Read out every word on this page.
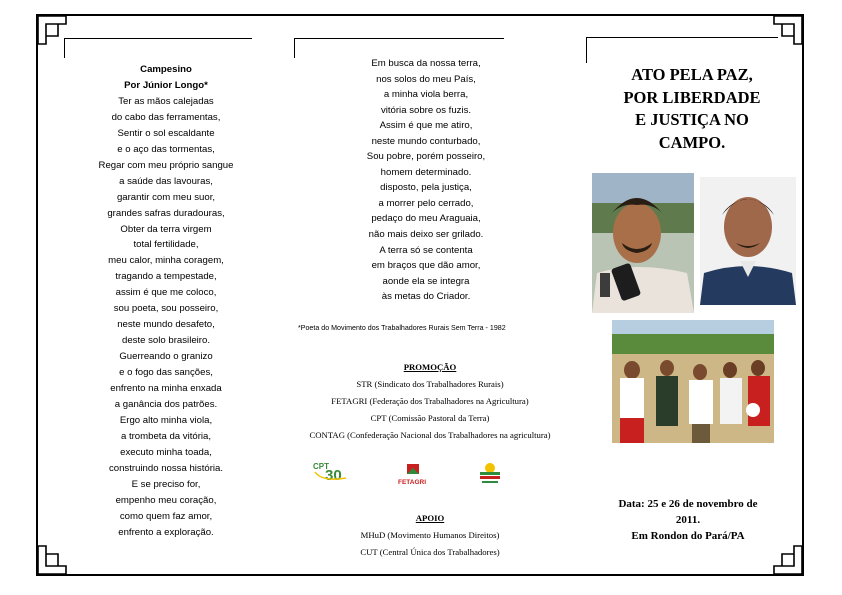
Campesino
Por Júnior Longo*
Ter as mãos calejadas
do cabo das ferramentas,
Sentir o sol escaldante
e o aço das tormentas,
Regar com meu próprio sangue
a saúde das lavouras,
garantir com meu suor,
grandes safras duradouras,
Obter da terra virgem
total fertilidade,
meu calor, minha coragem,
tragando a tempestade,
assim é que me coloco,
sou poeta, sou posseiro,
neste mundo desafeto,
deste solo brasileiro.
Guerreando o granizo
e o fogo das sanções,
enfrento na minha enxada
a ganância dos patrões.
Ergo alto minha viola,
a trombeta da vitória,
executo minha toada,
construindo nossa história.
E se preciso for,
empenho meu coração,
como quem faz amor,
enfrento a exploração.
Em busca da nossa terra,
nos solos do meu País,
a minha viola berra,
vitória sobre os fuzis.
Assim é que me atiro,
neste mundo conturbado,
Sou pobre, porém posseiro,
homem determinado.
disposto, pela justiça,
a morrer pelo cerrado,
pedaço do meu Araguaia,
não mais deixo ser grilado.
A terra só se contenta
em braços que dão amor,
aonde ela se integra
às metas do Criador.
*Poeta do Movimento dos Trabalhadores Rurais Sem Terra - 1982
PROMOÇÃO
STR (Sindicato dos Trabalhadores Rurais)
FETAGRI (Federação dos Trabalhadores na Agricultura)
CPT (Comissão Pastoral da Terra)
CONTAG (Confederação Nacional dos Trabalhadores na agricultura)
CPT
30	FETAGRI
APOIO
MHuD (Movimento Humanos Direitos)
CUT (Central Única dos Trabalhadores)
ATO PELA PAZ,
POR LIBERDADE
E JUSTIÇA NO
CAMPO.
Data: 25 e 26 de novembro de
2011.
Em Rondon do Pará/PA
